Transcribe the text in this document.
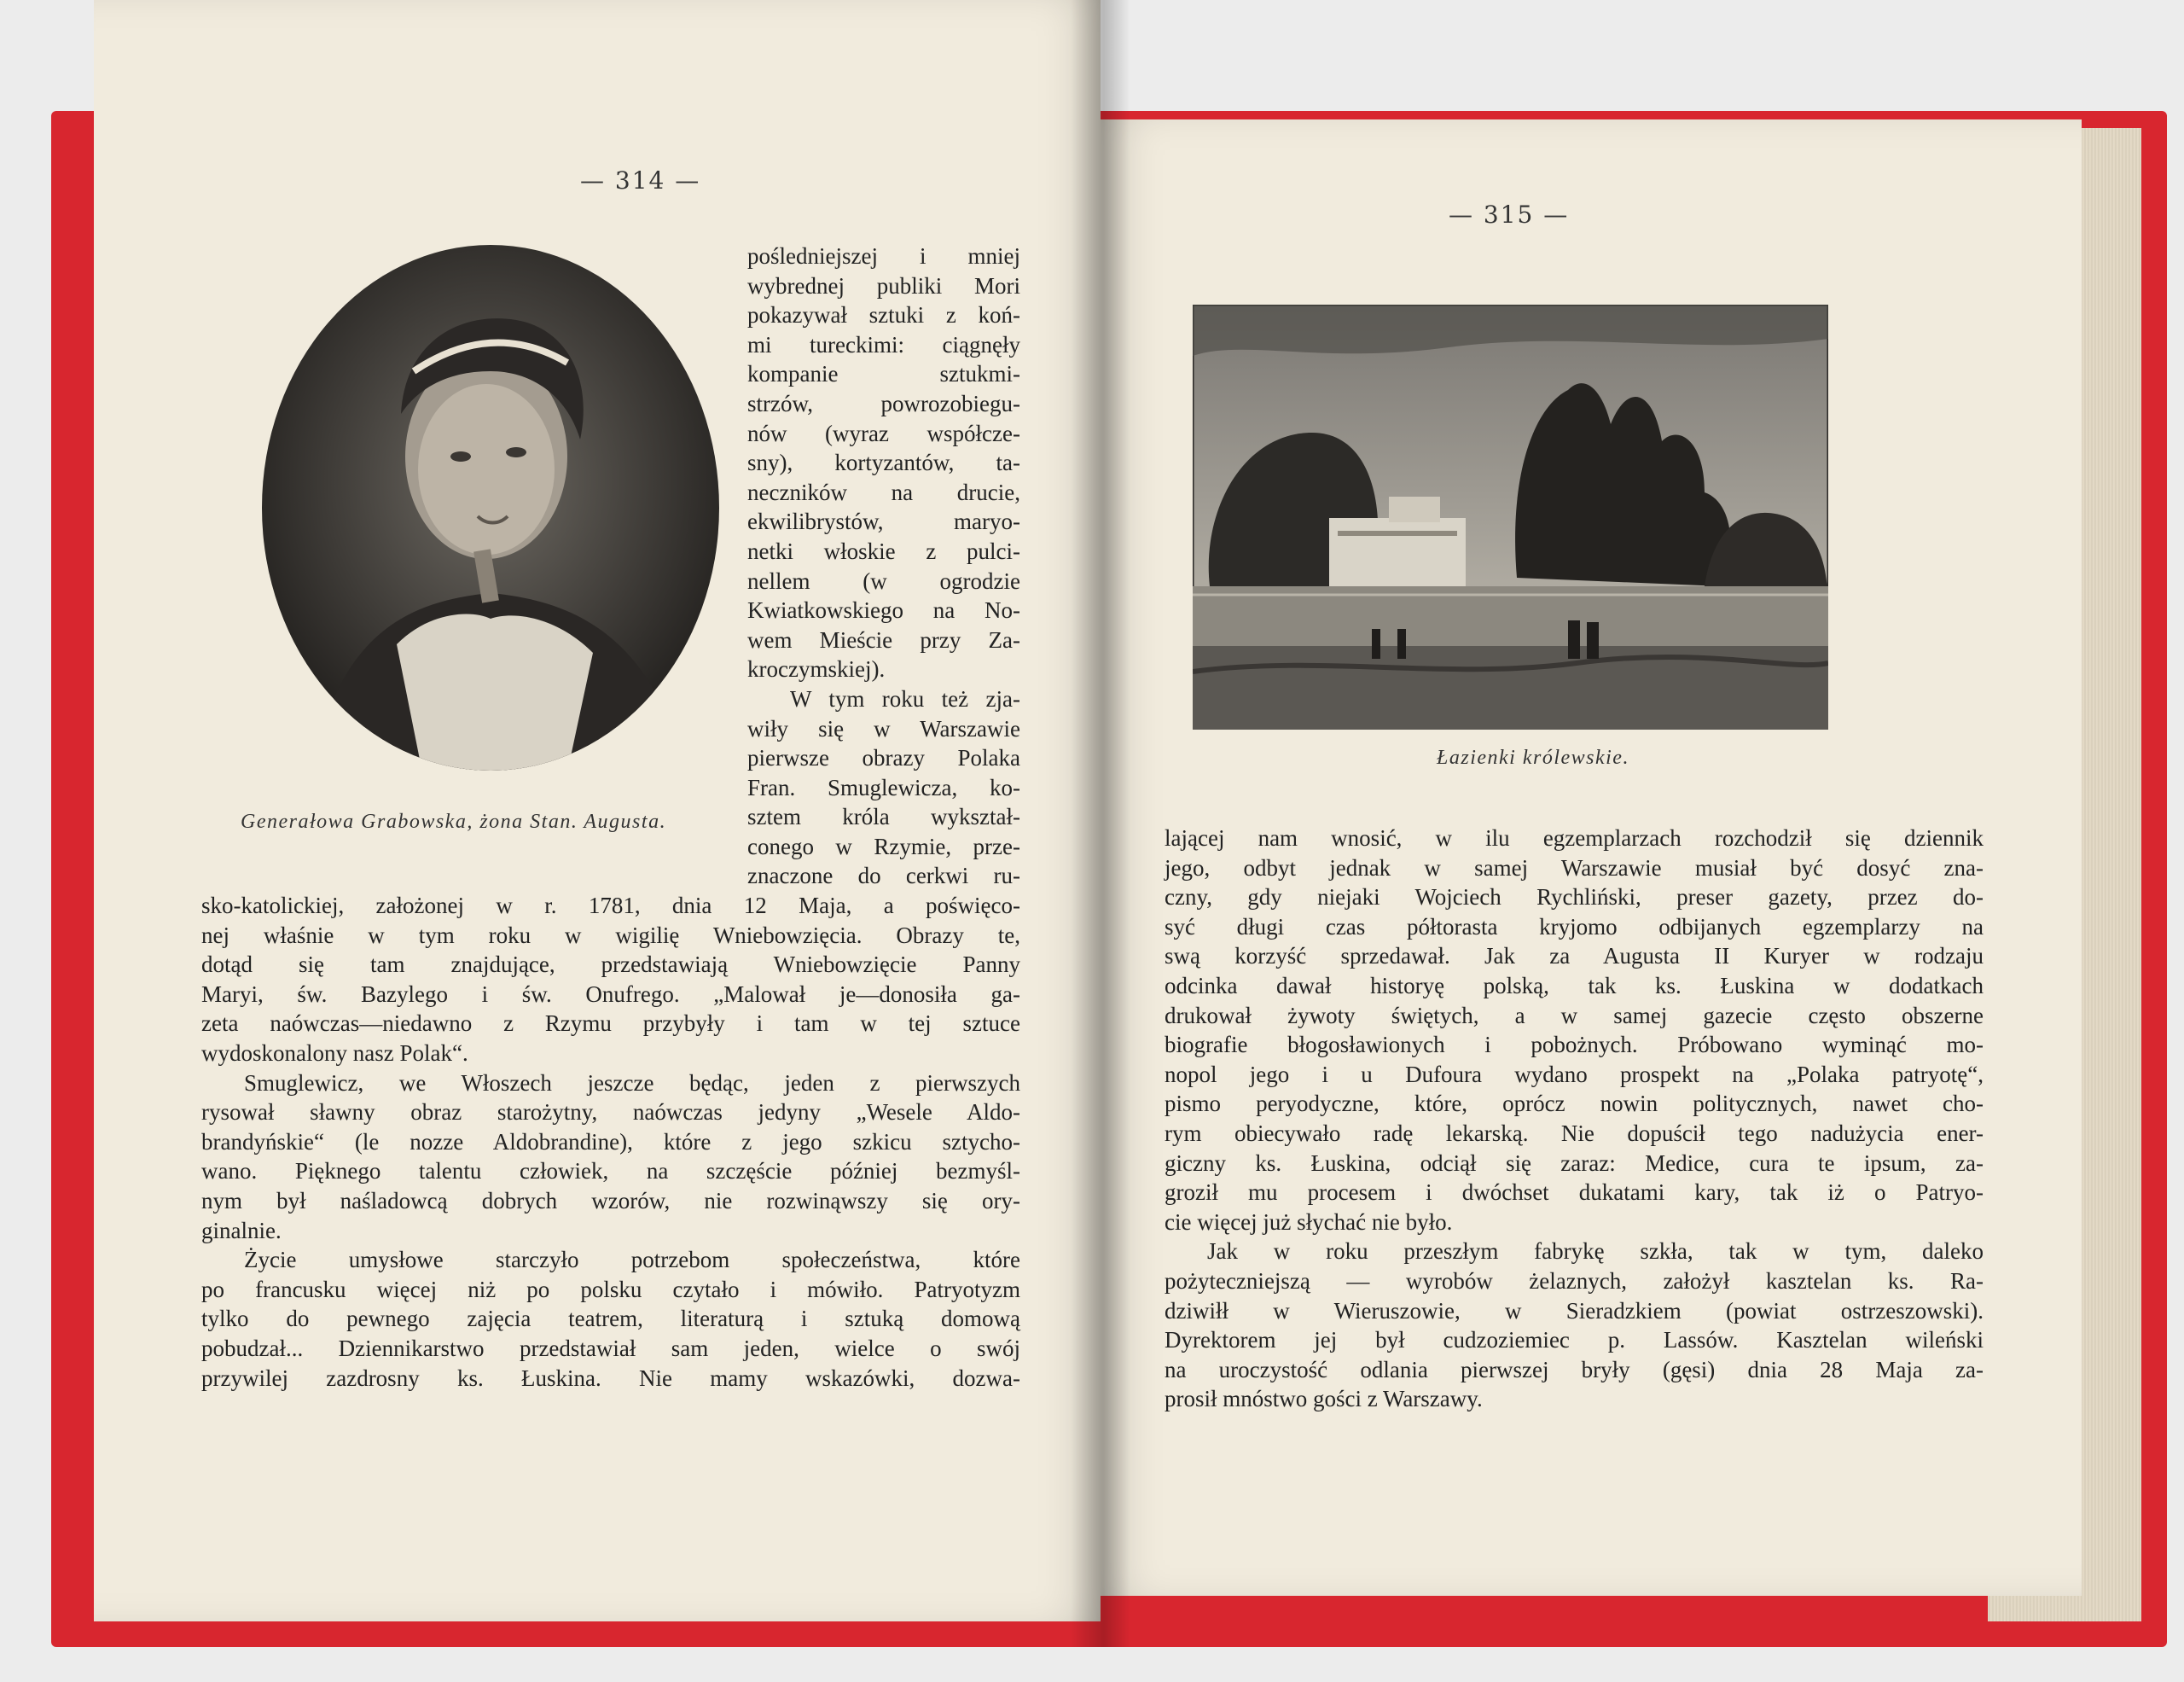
— 314 —
Generałowa Grabowska, żona Stan. Augusta.
pośledniejszej i mniej
wybrednej publiki Mori
pokazywał sztuki z koń-
mi tureckimi: ciągnęły
kompanie sztukmi-
strzów, powrozobiegu-
nów (wyraz współcze-
sny), kortyzantów, ta-
neczników na drucie,
ekwilibrystów, maryo-
netki włoskie z pulci-
nellem (w ogrodzie
Kwiatkowskiego na No-
wem Mieście przy Za-
kroczymskiej).
W tym roku też zja-
wiły się w Warszawie
pierwsze obrazy Polaka
Fran. Smuglewicza, ko-
sztem króla wykształ-
conego w Rzymie, prze-
znaczone do cerkwi ru-
sko-katolickiej, założonej w r. 1781, dnia 12 Maja, a poświęco-
nej właśnie w tym roku w wigilię Wniebowzięcia. Obrazy te,
dotąd się tam znajdujące, przedstawiają Wniebowzięcie Panny
Maryi, św. Bazylego i św. Onufrego. „Malował je—donosiła ga-
zeta naówczas—niedawno z Rzymu przybyły i tam w tej sztuce
wydoskonalony nasz Polak“.
Smuglewicz, we Włoszech jeszcze będąc, jeden z pierwszych
rysował sławny obraz starożytny, naówczas jedyny „Wesele Aldo-
brandyńskie“ (le nozze Aldobrandine), które z jego szkicu sztycho-
wano. Pięknego talentu człowiek, na szczęście później bezmyśl-
nym był naśladowcą dobrych wzorów, nie rozwinąwszy się ory-
ginalnie.
Życie umysłowe starczyło potrzebom społeczeństwa, które
po francusku więcej niż po polsku czytało i mówiło. Patryotyzm
tylko do pewnego zajęcia teatrem, literaturą i sztuką domową
pobudzał... Dziennikarstwo przedstawiał sam jeden, wielce o swój
przywilej zazdrosny ks. Łuskina. Nie mamy wskazówki, dozwa-
— 315 —
Łazienki królewskie.
lającej nam wnosić, w ilu egzemplarzach rozchodził się dziennik
jego, odbyt jednak w samej Warszawie musiał być dosyć zna-
czny, gdy niejaki Wojciech Rychliński, preser gazety, przez do-
syć długi czas półtorasta kryjomo odbijanych egzemplarzy na
swą korzyść sprzedawał. Jak za Augusta II Kuryer w rodzaju
odcinka dawał historyę polską, tak ks. Łuskina w dodatkach
drukował żywoty świętych, a w samej gazecie często obszerne
biografie błogosławionych i pobożnych. Próbowano wyminąć mo-
nopol jego i u Dufoura wydano prospekt na „Polaka patryotę“,
pismo peryodyczne, które, oprócz nowin politycznych, nawet cho-
rym obiecywało radę lekarską. Nie dopuścił tego nadużycia ener-
giczny ks. Łuskina, odciął się zaraz: Medice, cura te ipsum, za-
groził mu procesem i dwóchset dukatami kary, tak iż o Patryo-
cie więcej już słychać nie było.
Jak w roku przeszłym fabrykę szkła, tak w tym, daleko
pożyteczniejszą — wyrobów żelaznych, założył kasztelan ks. Ra-
dziwiłł w Wieruszowie, w Sieradzkiem (powiat ostrzeszowski).
Dyrektorem jej był cudzoziemiec p. Lassów. Kasztelan wileński
na uroczystość odlania pierwszej bryły (gęsi) dnia 28 Maja za-
prosił mnóstwo gości z Warszawy.
